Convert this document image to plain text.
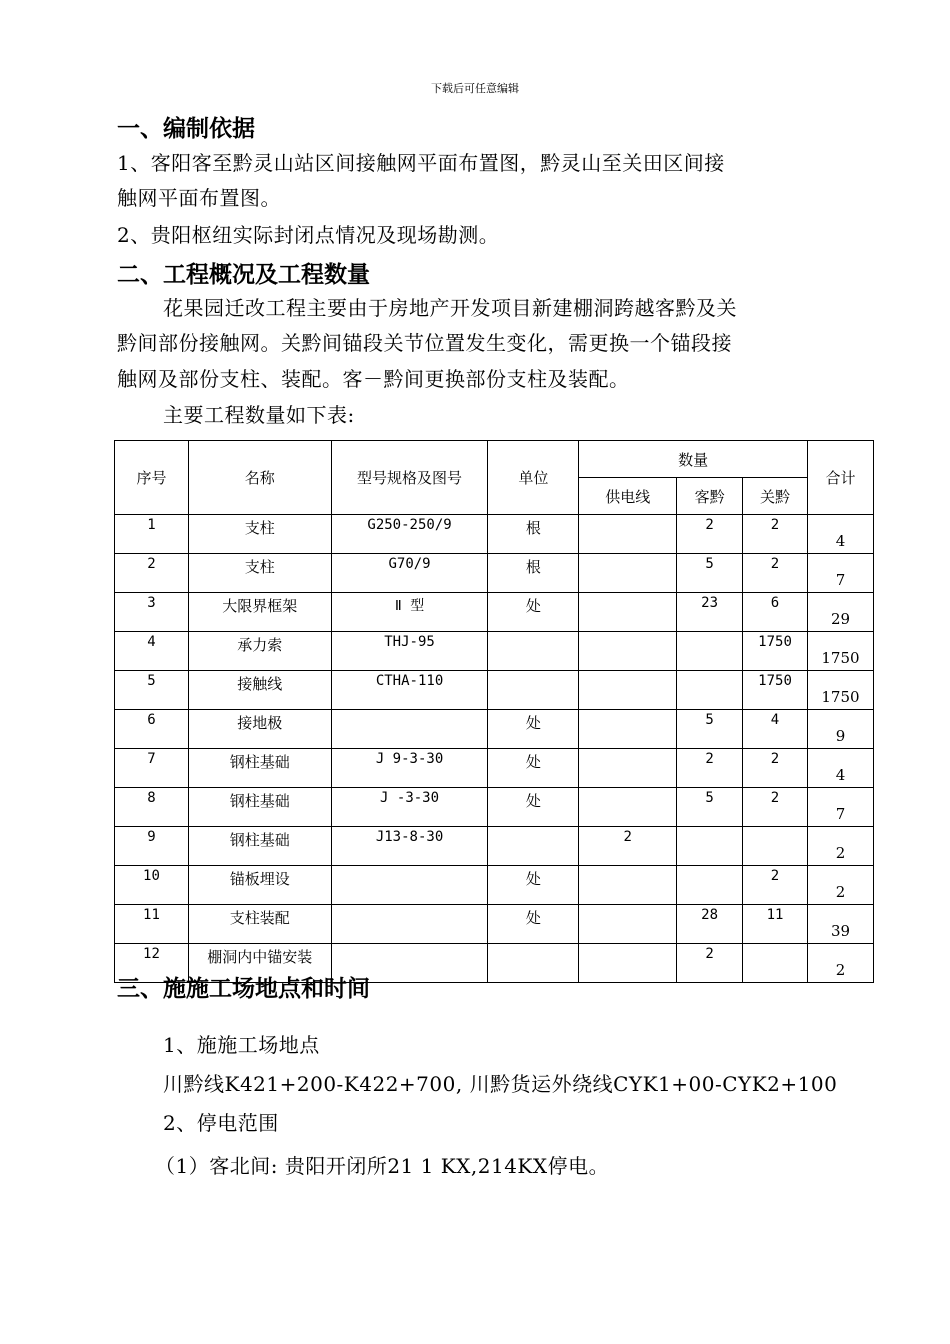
下载后可任意编辑
一、编制依据
1、客阳客至黔灵山站区间接触网平面布置图，黔灵山至关田区间接
触网平面布置图。
2、贵阳枢纽实际封闭点情况及现场勘测。
二、工程概况及工程数量
花果园迁改工程主要由于房地产开发项目新建棚洞跨越客黔及关
黔间部份接触网。关黔间锚段关节位置发生变化，需更换一个锚段接
触网及部份支柱、装配。客－黔间更换部份支柱及装配。
主要工程数量如下表:
序号	名称	型号规格及图号	单位	数量			合计
				供电线	客黔	关黔	
1	支柱	G250-250/9	根		2	2	4
2	支柱	G70/9	根		5	2	7
3	大限界框架	Ⅱ 型	处		23	6	29
4	承力索	THJ-95				1750	1750
5	接触线	CTHA-110				1750	1750
6	接地极		处		5	4	9
7	钢柱基础	J 9-3-30	处		2	2	4
8	钢柱基础	J -3-30	处		5	2	7
9	钢柱基础	J13-8-30		2			2
10	锚板埋设		处			2	2
11	支柱装配		处		28	11	39
12	棚洞内中锚安装				2		2
三、施施工场地点和时间
1、施施工场地点
川黔线K421+200-K422+700, 川黔货运外绕线CYK1+00-CYK2+100
2、停电范围
（1）客北间: 贵阳开闭所21 1 KX,214KX停电。
